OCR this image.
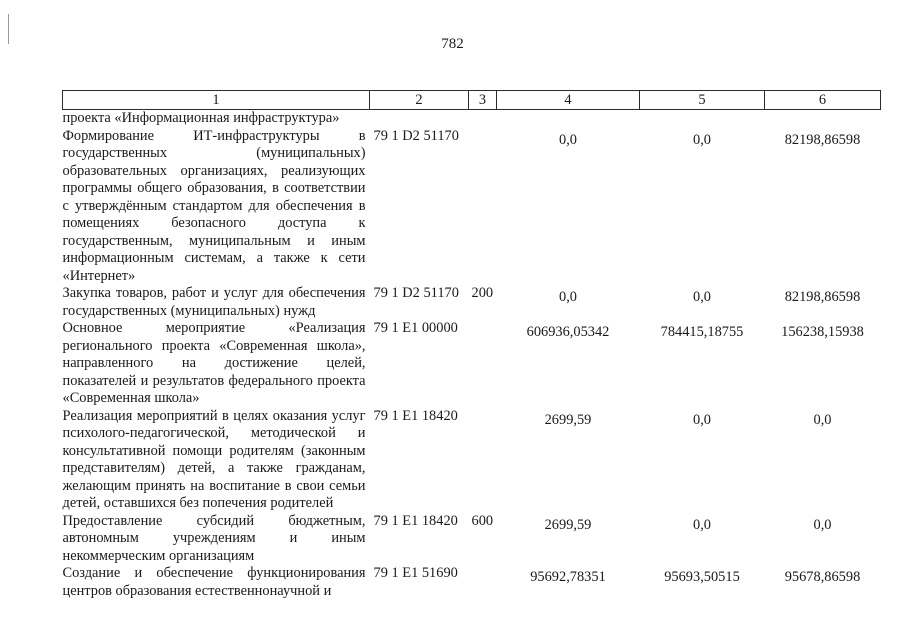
782
1	2	3	4	5	6
проекта «Информационная инфраструктура»					
Формирование ИТ-инфраструктуры в государственных (муниципальных) образовательных организациях, реализующих программы общего образования, в соответствии с утверждённым стандартом для обеспечения в помещениях безопасного доступа к государственным, муниципальным и иным информационным системам, а также к сети «Интернет»	79 1 D2 51170		0,0	0,0	82198,86598
Закупка товаров, работ и услуг для обеспечения государственных (муниципальных) нужд	79 1 D2 51170	200	0,0	0,0	82198,86598
Основное мероприятие «Реализация регионального проекта «Современная школа», направленного на достижение целей, показателей и результатов федерального проекта «Современная школа»	79 1 E1 00000		606936,05342	784415,18755	156238,15938
Реализация мероприятий в целях оказания услуг психолого-педагогической, методической и консультативной помощи родителям (законным представителям) детей, а также гражданам, желающим принять на воспитание в свои семьи детей, оставшихся без попечения родителей	79 1 E1 18420		2699,59	0,0	0,0
Предоставление субсидий бюджетным, автономным учреждениям и иным некоммерческим организациям	79 1 E1 18420	600	2699,59	0,0	0,0
Создание и обеспечение функционирования центров образования естественнонаучной и	79 1 E1 51690		95692,78351	95693,50515	95678,86598
